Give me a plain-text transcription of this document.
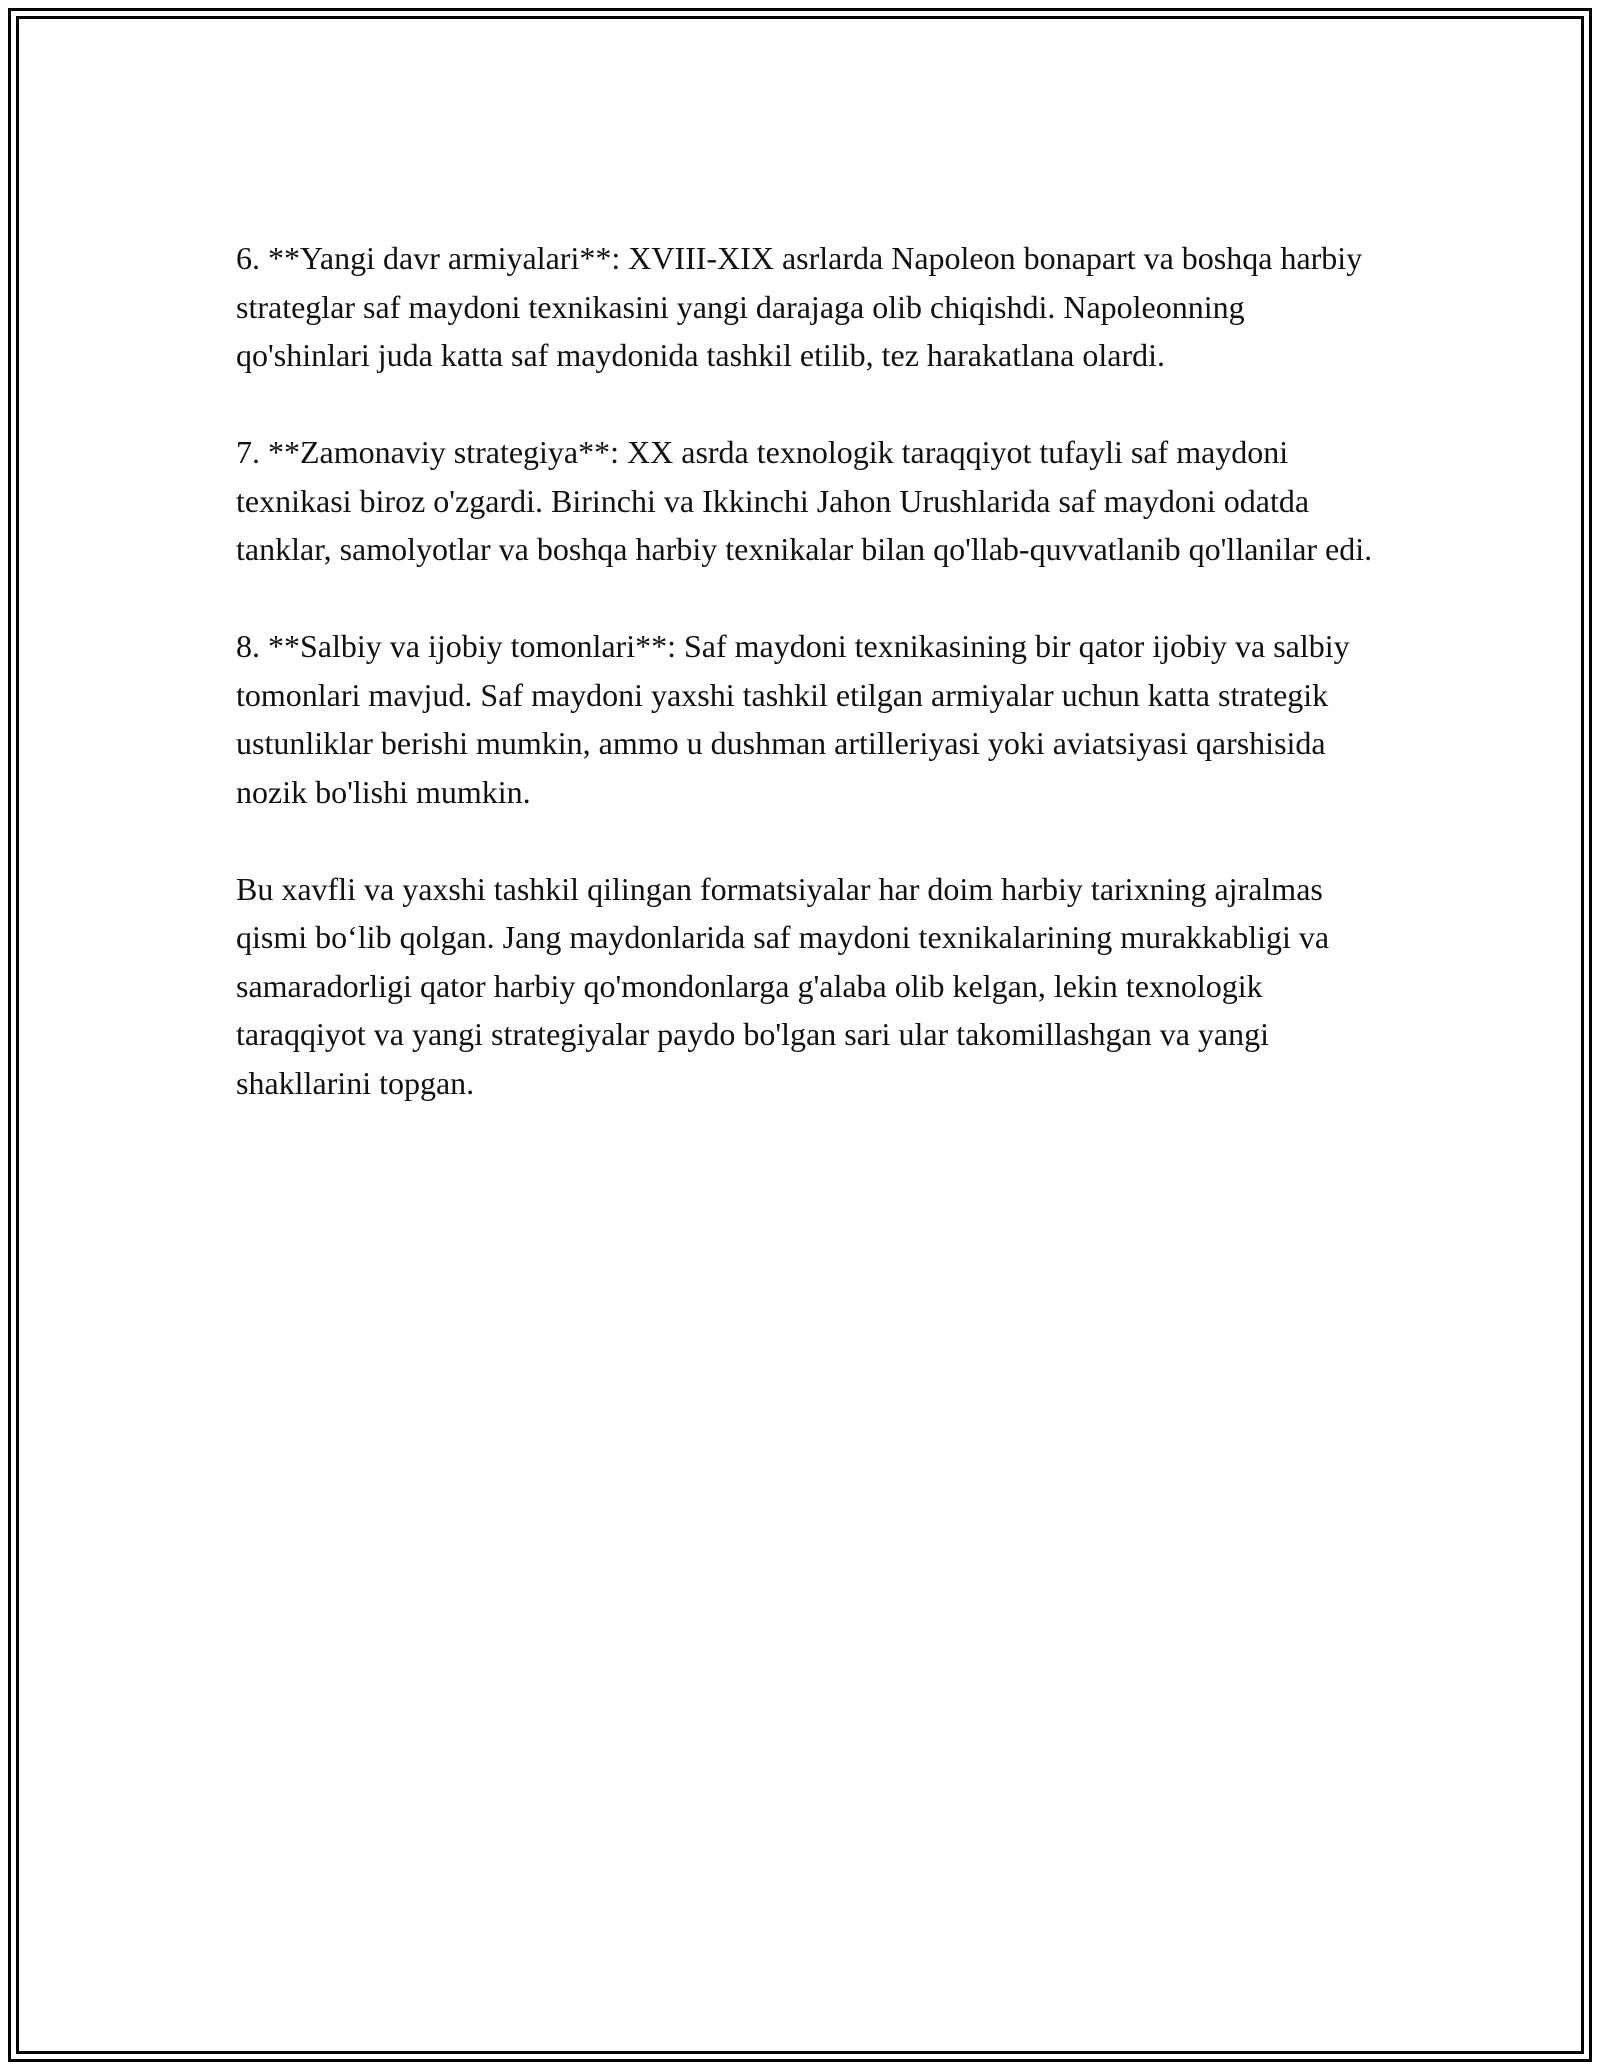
6. **Yangi davr armiyalari**: XVIII-XIX asrlarda Napoleon bonapart va boshqa harbiy strateglar saf maydoni texnikasini yangi darajaga olib chiqishdi. Napoleonning qo'shinlari juda katta saf maydonida tashkil etilib, tez harakatlana olardi.

7. **Zamonaviy strategiya**: XX asrda texnologik taraqqiyot tufayli saf maydoni texnikasi biroz o'zgardi. Birinchi va Ikkinchi Jahon Urushlarida saf maydoni odatda tanklar, samolyotlar va boshqa harbiy texnikalar bilan qo'llab-quvvatlanib qo'llanilar edi.

8. **Salbiy va ijobiy tomonlari**: Saf maydoni texnikasining bir qator ijobiy va salbiy tomonlari mavjud. Saf maydoni yaxshi tashkil etilgan armiyalar uchun katta strategik ustunliklar berishi mumkin, ammo u dushman artilleriyasi yoki aviatsiyasi qarshisida nozik bo'lishi mumkin.

Bu xavfli va yaxshi tashkil qilingan formatsiyalar har doim harbiy tarixning ajralmas qismi bo‘lib qolgan. Jang maydonlarida saf maydoni texnikalarining murakkabligi va samaradorligi qator harbiy qo'mondonlarga g'alaba olib kelgan, lekin texnologik taraqqiyot va yangi strategiyalar paydo bo'lgan sari ular takomillashgan va yangi shakllarini topgan.
